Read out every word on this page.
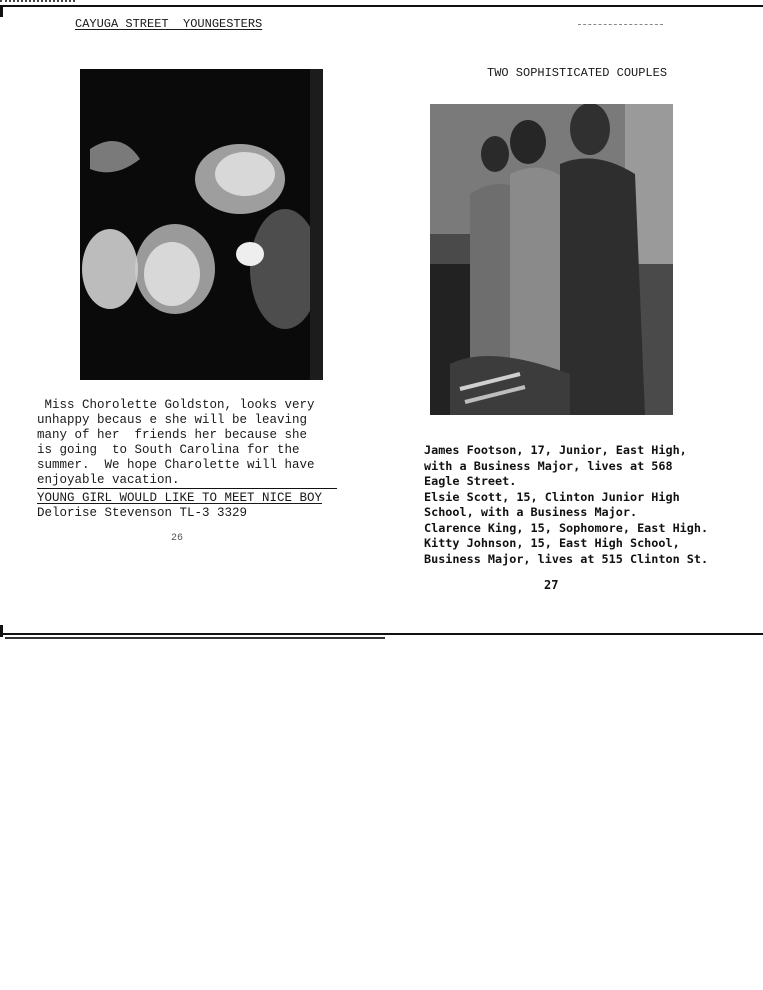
CAYUGA STREET  YOUNGESTERS
Miss Chorolette Goldston, looks very
unhappy becaus e she will be leaving
many of her  friends her because she
is going  to South Carolina for the
summer.  We hope Charolette will have
enjoyable vacation.
YOUNG GIRL WOULD LIKE TO MEET NICE BOY
Delorise Stevenson TL-3 3329
26
TWO SOPHISTICATED COUPLES
James Footson, 17, Junior, East High,
with a Business Major, lives at 568
Eagle Street.
Elsie Scott, 15, Clinton Junior High
School, with a Business Major.
Clarence King, 15, Sophomore, East High.
Kitty Johnson, 15, East High School,
Business Major, lives at 515 Clinton St.
27
